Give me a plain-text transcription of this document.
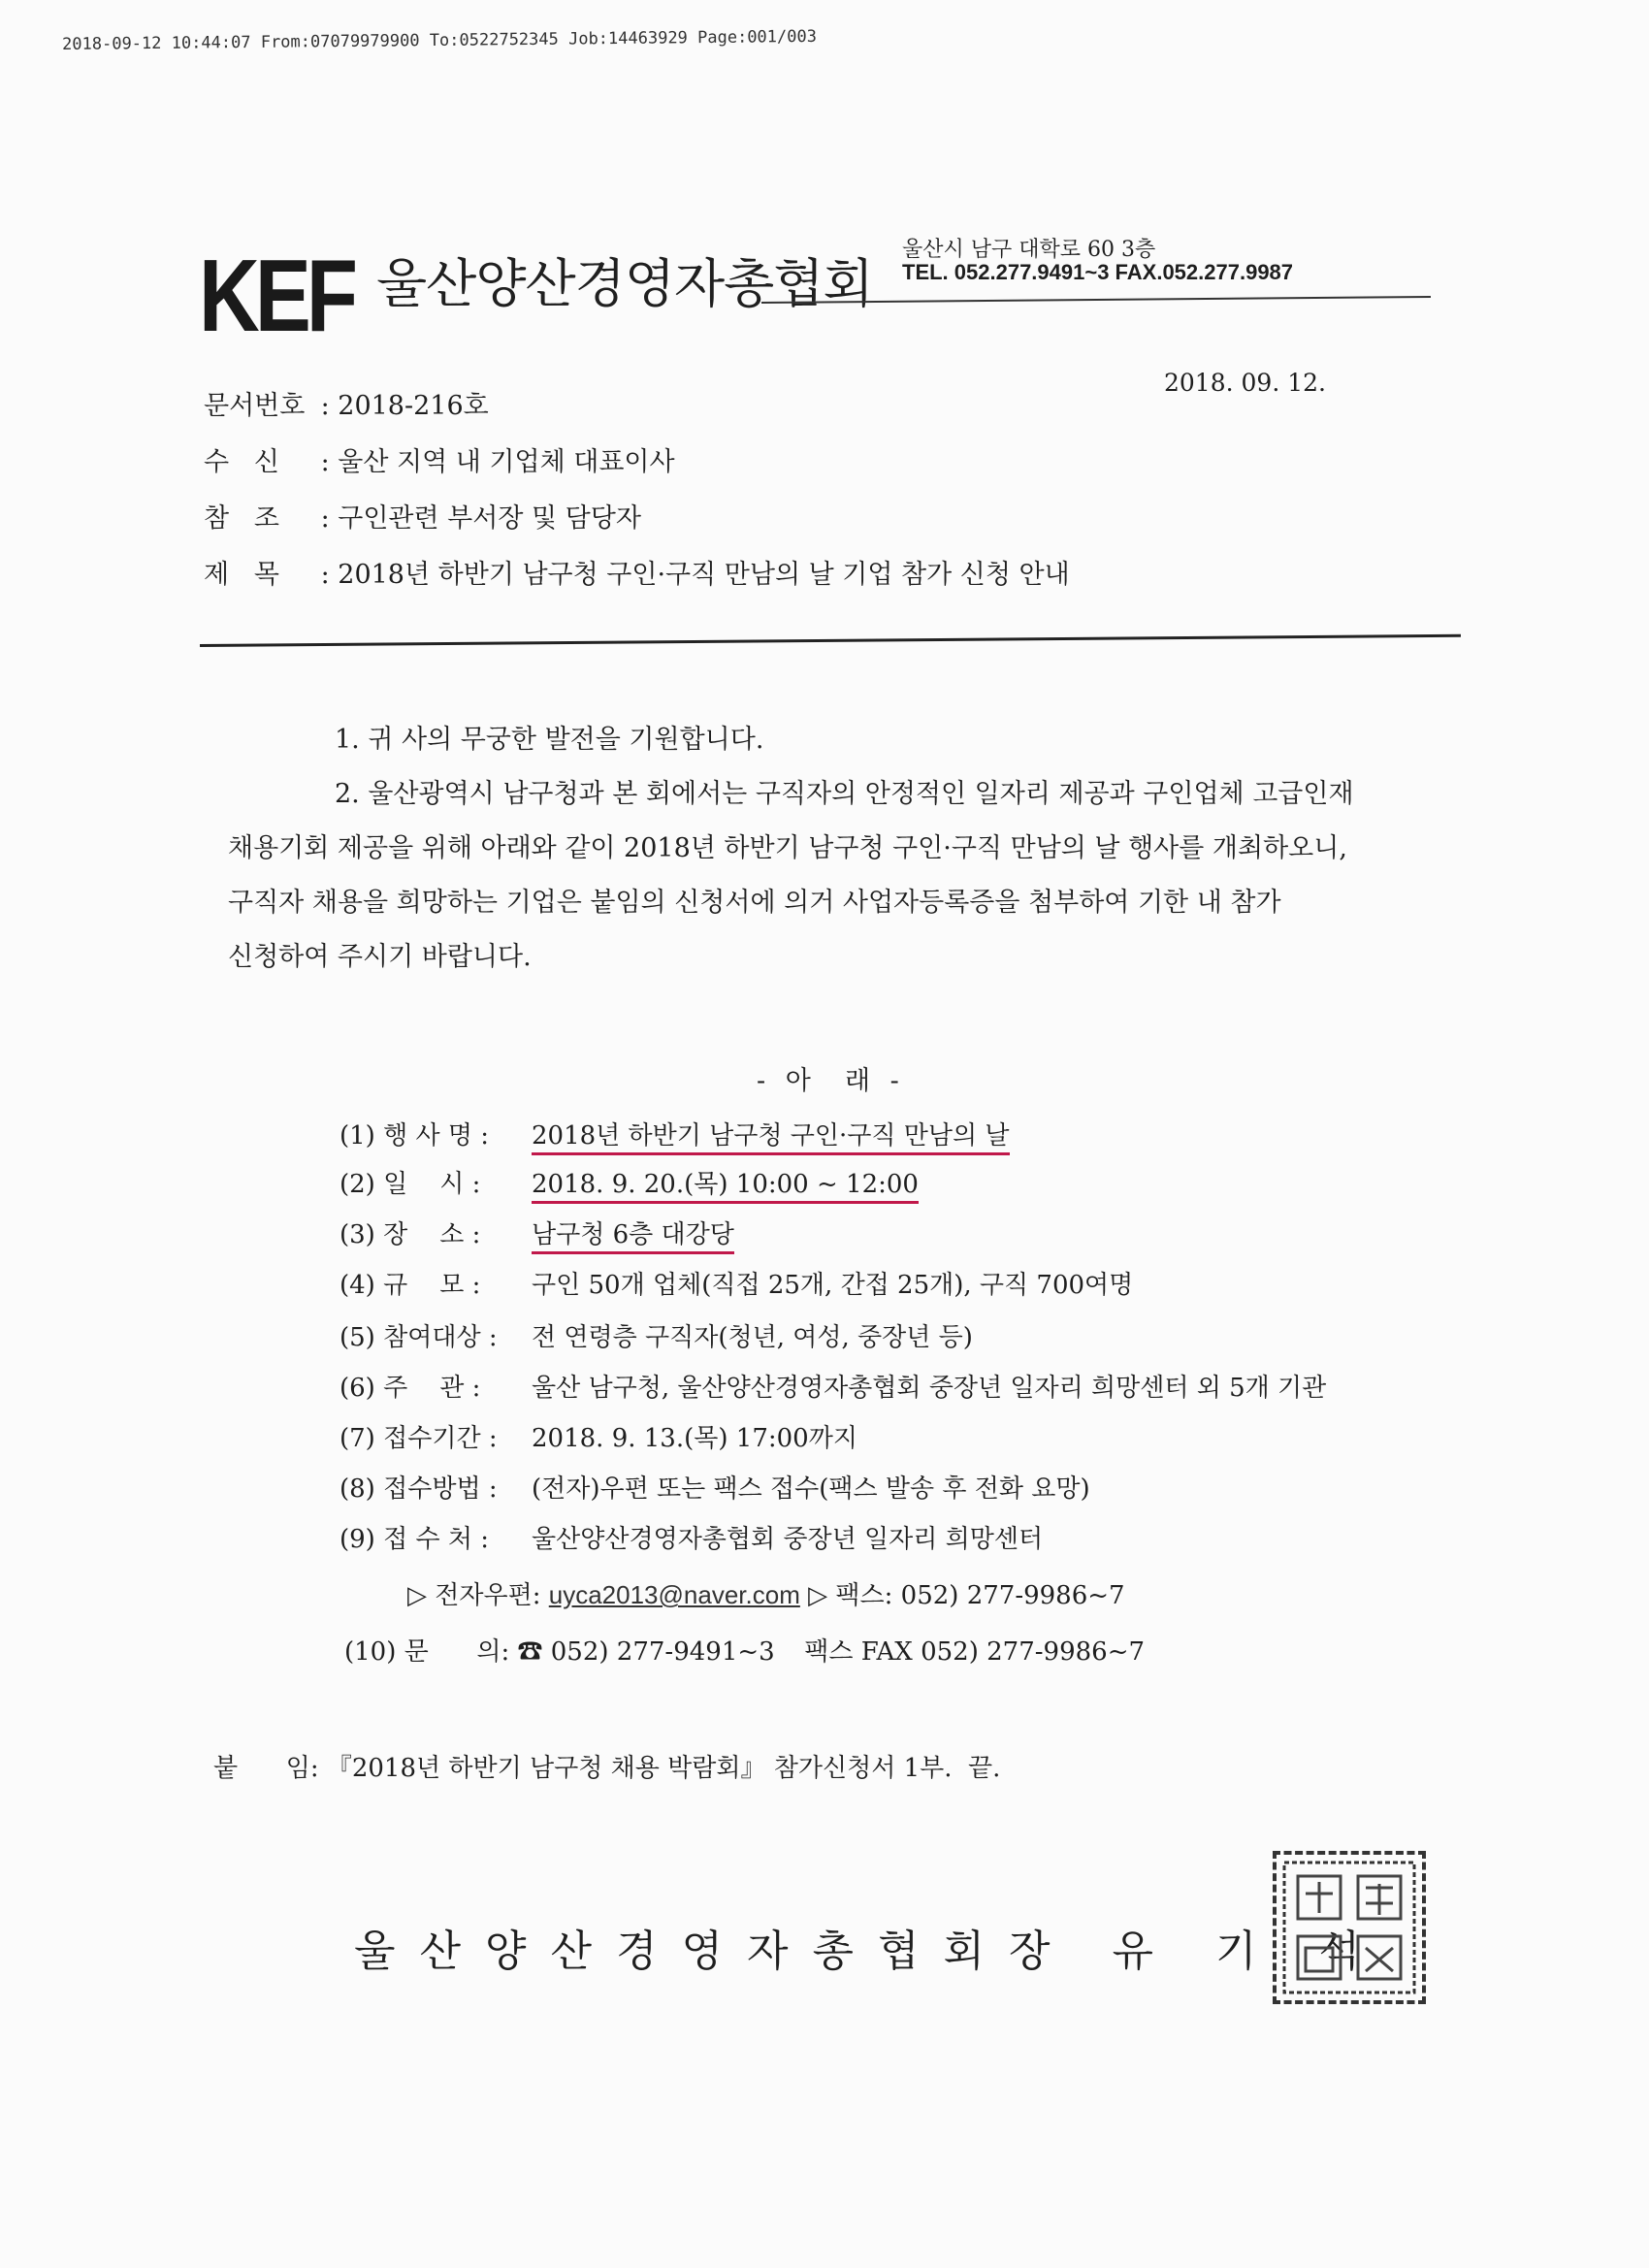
2018-09-12 10:44:07 From:07079979900 To:0522752345 Job:14463929 Page:001/003
KEF 울산양산경영자총협회
울산시 남구 대학로 60 3층
TEL. 052.277.9491~3 FAX.052.277.9987
2018. 09. 12.
문서번호 : 2018-216호
수   신 : 울산 지역 내 기업체 대표이사
참   조 : 구인관련 부서장 및 담당자
제   목 : 2018년 하반기 남구청 구인·구직 만남의 날 기업 참가 신청 안내
1. 귀 사의 무궁한 발전을 기원합니다.
2. 울산광역시 남구청과 본 회에서는 구직자의 안정적인 일자리 제공과 구인업체 고급인재
채용기회 제공을 위해 아래와 같이 2018년 하반기 남구청 구인·구직 만남의 날 행사를 개최하오니,
구직자 채용을 희망하는 기업은 붙임의 신청서에 의거 사업자등록증을 첨부하여 기한 내 참가
신청하여 주시기 바랍니다.
- 아  래 -
(1) 행 사 명 : 2018년 하반기 남구청 구인·구직 만남의 날
(2) 일    시 : 2018. 9. 20.(목) 10:00 ~ 12:00
(3) 장    소 : 남구청 6층 대강당
(4) 규    모 : 구인 50개 업체(직접 25개, 간접 25개), 구직 700여명
(5) 참여대상 : 전 연령층 구직자(청년, 여성, 중장년 등)
(6) 주    관 : 울산 남구청, 울산양산경영자총협회 중장년 일자리 희망센터 외 5개 기관
(7) 접수기간 : 2018. 9. 13.(목) 17:00까지
(8) 접수방법 : (전자)우편 또는 팩스 접수(팩스 발송 후 전화 요망)
(9) 접 수 처 : 울산양산경영자총협회 중장년 일자리 희망센터
▷ 전자우편: uyca2013@naver.com ▷ 팩스: 052) 277-9986~7
(10) 문      의: ☎ 052) 277-9491~3 팩스 FAX 052) 277-9986~7
붙      임: 『2018년 하반기 남구청 채용 박람회』 참가신청서 1부.  끝.
울산양산경영자총협회장 유 기 석
